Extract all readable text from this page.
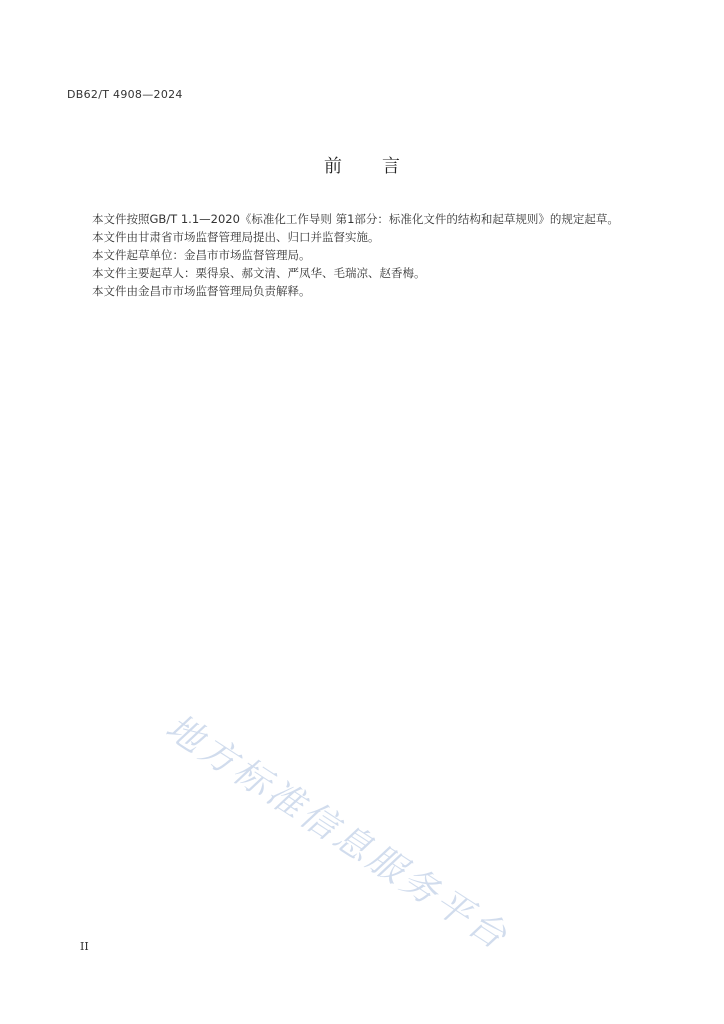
DB62/T 4908—2024
前言

本文件按照GB/T 1.1—2020《标准化工作导则 第1部分：标准化文件的结构和起草规则》的规定起草。

本文件由甘肃省市场监督管理局提出、归口并监督实施。

本文件起草单位：金昌市市场监督管理局。

本文件主要起草人：栗得泉、郝文清、严凤华、毛瑞凉、赵香梅。

本文件由金昌市市场监督管理局负责解释。

地方标准信息服务平台
II
